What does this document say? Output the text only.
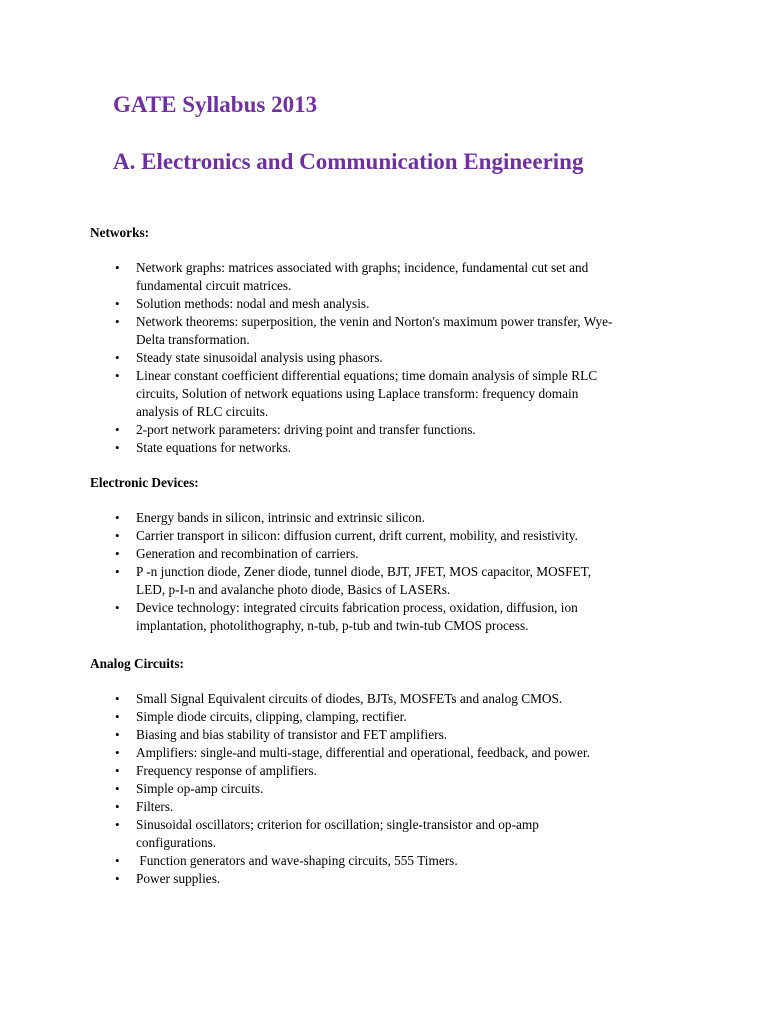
GATE Syllabus 2013
A. Electronics and Communication Engineering

Networks:

• Network graphs: matrices associated with graphs; incidence, fundamental cut set and
fundamental circuit matrices.
• Solution methods: nodal and mesh analysis.
• Network theorems: superposition, the venin and Norton's maximum power transfer, Wye-
Delta transformation.
• Steady state sinusoidal analysis using phasors.
• Linear constant coefficient differential equations; time domain analysis of simple RLC
circuits, Solution of network equations using Laplace transform: frequency domain
analysis of RLC circuits.
• 2-port network parameters: driving point and transfer functions.
• State equations for networks.

Electronic Devices:

• Energy bands in silicon, intrinsic and extrinsic silicon.
• Carrier transport in silicon: diffusion current, drift current, mobility, and resistivity.
• Generation and recombination of carriers.
• P -n junction diode, Zener diode, tunnel diode, BJT, JFET, MOS capacitor, MOSFET,
LED, p-I-n and avalanche photo diode, Basics of LASERs.
• Device technology: integrated circuits fabrication process, oxidation, diffusion, ion
implantation, photolithography, n-tub, p-tub and twin-tub CMOS process.

Analog Circuits:

• Small Signal Equivalent circuits of diodes, BJTs, MOSFETs and analog CMOS.
• Simple diode circuits, clipping, clamping, rectifier.
• Biasing and bias stability of transistor and FET amplifiers.
• Amplifiers: single-and multi-stage, differential and operational, feedback, and power.
• Frequency response of amplifiers.
• Simple op-amp circuits.
• Filters.
• Sinusoidal oscillators; criterion for oscillation; single-transistor and op-amp
configurations.
•  Function generators and wave-shaping circuits, 555 Timers.
• Power supplies.
